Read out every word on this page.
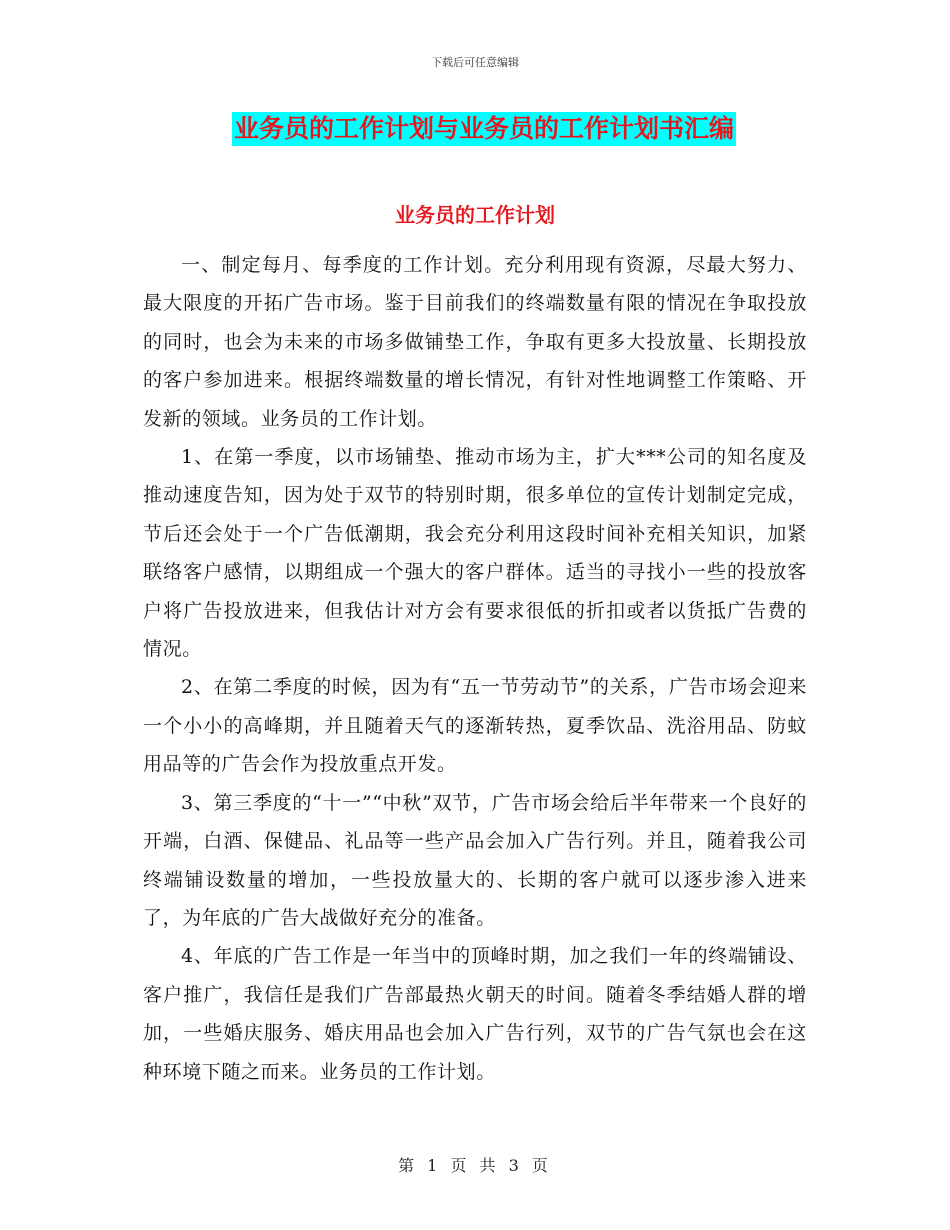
下载后可任意编辑
业务员的工作计划与业务员的工作计划书汇编
业务员的工作计划

一、制定每月、每季度的工作计划。充分利用现有资源，尽最大努力、最大限度的开拓广告市场。鉴于目前我们的终端数量有限的情况在争取投放的同时，也会为未来的市场多做铺垫工作，争取有更多大投放量、长期投放的客户参加进来。根据终端数量的增长情况，有针对性地调整工作策略、开发新的领域。业务员的工作计划。

1、在第一季度，以市场铺垫、推动市场为主，扩大***公司的知名度及推动速度告知，因为处于双节的特别时期，很多单位的宣传计划制定完成，节后还会处于一个广告低潮期，我会充分利用这段时间补充相关知识，加紧联络客户感情，以期组成一个强大的客户群体。适当的寻找小一些的投放客户将广告投放进来，但我估计对方会有要求很低的折扣或者以货抵广告费的情况。

2、在第二季度的时候，因为有“五一节劳动节”的关系，广告市场会迎来一个小小的高峰期，并且随着天气的逐渐转热，夏季饮品、洗浴用品、防蚊用品等的广告会作为投放重点开发。

3、第三季度的“十一”“中秋”双节，广告市场会给后半年带来一个良好的开端，白酒、保健品、礼品等一些产品会加入广告行列。并且，随着我公司终端铺设数量的增加，一些投放量大的、长期的客户就可以逐步渗入进来了，为年底的广告大战做好充分的准备。

4、年底的广告工作是一年当中的顶峰时期，加之我们一年的终端铺设、客户推广，我信任是我们广告部最热火朝天的时间。随着冬季结婚人群的增加，一些婚庆服务、婚庆用品也会加入广告行列，双节的广告气氛也会在这种环境下随之而来。业务员的工作计划。

第 1 页 共 3 页
